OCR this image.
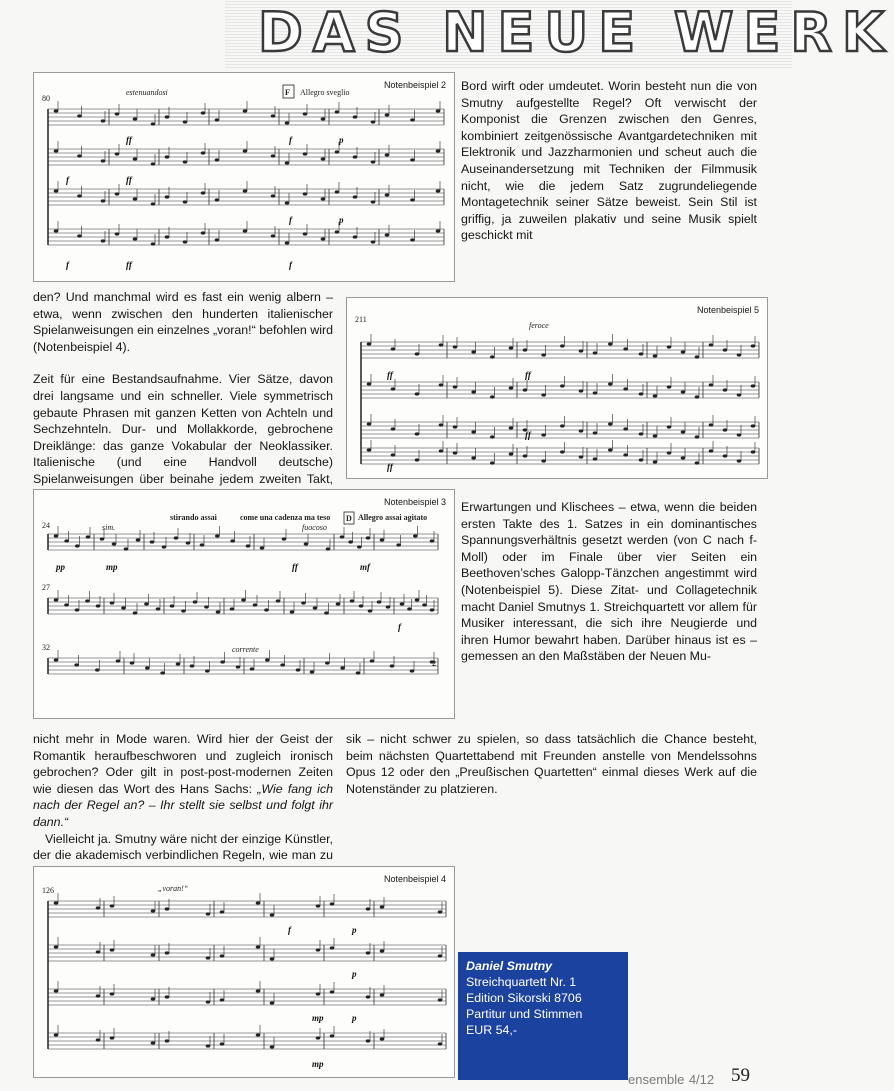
DAS NEUE WERK
80
estenuandosi	F Allegro sveglio
ff
f	ff
f	p
f	p
f	ff	f
Notenbeispiel 2 Bord wirft oder umdeutet. Worin besteht nun die von Smutny aufgestellte Regel? Oft verwischt der Komponist die Grenzen zwischen den Genres, kombiniert zeitgenössische Avantgardetechniken mit Elektronik und Jazzharmonien und scheut auch die Auseinandersetzung mit Techniken der Filmmusik nicht, wie die jedem Satz zugrundeliegende Montagetechnik seiner Sätze beweist. Sein Stil ist griffig, ja zuweilen plakativ und seine Musik spielt geschickt mit

den? Und manchmal wird es fast ein wenig albern – etwa, wenn zwischen den hunderten italienischer Spielanweisungen ein einzelnes „voran!“ befohlen wird (Notenbeispiel 4).

Zeit für eine Bestandsaufnahme. Vier Sätze, davon drei langsame und ein schneller. Viele symmetrisch gebaute Phrasen mit ganzen Ketten von Achteln und Sechzehnteln. Dur- und Mollakkorde, gebrochene Dreiklänge: das ganze Vokabular der Neoklassiker. Italienische (und eine Handvoll deutsche) Spielanweisungen über beinahe jedem zweiten Takt,

211
feroce
ff	ff
ff
ff
Notenbeispiel 5
24
27
32
sim.
stirando assai	come una cadenza ma teso D Allegro assai agitato
fuocoso
corrente
2
pp	mp	ff	mf
f
Notenbeispiel 3 Erwartungen und Klischees – etwa, wenn die beiden ersten Takte des 1. Satzes in ein dominantisches Spannungsverhältnis gesetzt werden (von C nach f-Moll) oder im Finale über vier Seiten ein Beethoven’sches Galopp-Tänzchen angestimmt wird (Notenbeispiel 5). Diese Zitat- und Collagetechnik macht Daniel Smutnys 1. Streichquartett vor allem für Musiker interessant, die sich ihre Neugierde und ihren Humor bewahrt haben. Darüber hinaus ist es – gemessen an den Maßstäben der Neuen Mu-

nicht mehr in Mode waren. Wird hier der Geist der Romantik heraufbeschworen und zugleich ironisch gebrochen? Oder gilt in post-post-modernen Zeiten wie diesen das Wort des Hans Sachs: „Wie fang ich nach der Regel an? – Ihr stellt sie selbst und folgt ihr dann.“

Vielleicht ja. Smutny wäre nicht der einzige Künstler, der die akademisch verbindlichen Regeln, wie man zu

sik – nicht schwer zu spielen, so dass tatsächlich die Chance besteht, beim nächsten Quartettabend mit Freunden anstelle von Mendelssohns Opus 12 oder den „Preußischen Quartetten“ einmal dieses Werk auf die Notenständer zu platzieren.

126	„voran!“
f	p
p
mp	p
mp
Notenbeispiel 4
Daniel Smutny
Streichquartett Nr. 1
Edition Sikorski 8706
Partitur und Stimmen
EUR 54,-
ensemble 4/12 59
